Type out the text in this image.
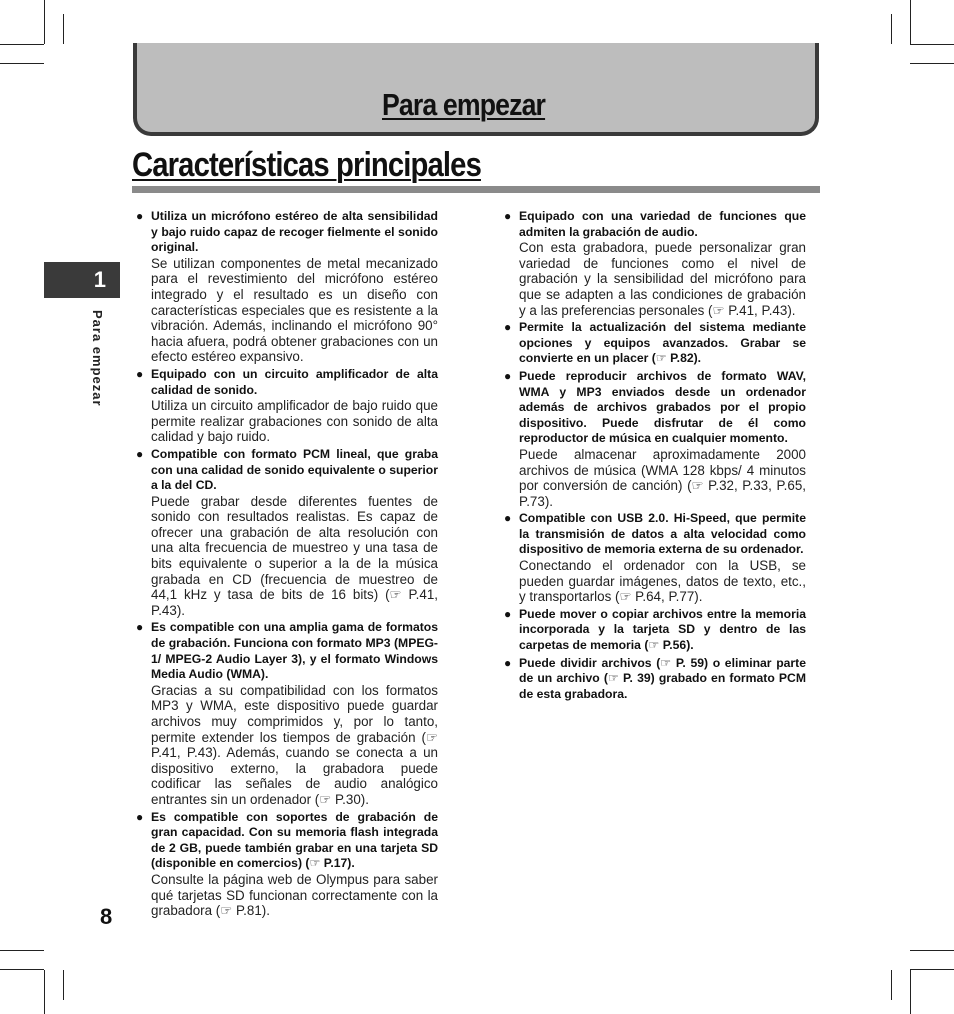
Para empezar
Características principales
1
Para empezar
8
● Utiliza un micrófono estéreo de alta sensibilidad y bajo ruido capaz de recoger fielmente el sonido original.

Se utilizan componentes de metal mecanizado para el revestimiento del micrófono estéreo integrado y el resultado es un diseño con características especiales que es resistente a la vibración. Además, inclinando el micrófono 90° hacia afuera, podrá obtener grabaciones con un efecto estéreo expansivo.

● Equipado con un circuito amplificador de alta calidad de sonido.

Utiliza un circuito amplificador de bajo ruido que permite realizar grabaciones con sonido de alta calidad y bajo ruido.

● Compatible con formato PCM lineal, que graba con una calidad de sonido equivalente o superior a la del CD.

Puede grabar desde diferentes fuentes de sonido con resultados realistas. Es capaz de ofrecer una grabación de alta resolución con una alta frecuencia de muestreo y una tasa de bits equivalente o superior a la de la música grabada en CD (frecuencia de muestreo de 44,1 kHz y tasa de bits de 16 bits) (☞ P.41, P.43).

● Es compatible con una amplia gama de formatos de grabación. Funciona con formato MP3 (MPEG-1/ MPEG-2 Audio Layer 3), y el formato Windows Media Audio (WMA).

Gracias a su compatibilidad con los formatos MP3 y WMA, este dispositivo puede guardar archivos muy comprimidos y, por lo tanto, permite extender los tiempos de grabación (☞ P.41, P.43). Además, cuando se conecta a un dispositivo externo, la grabadora puede codificar las señales de audio analógico entrantes sin un ordenador (☞ P.30).

● Es compatible con soportes de grabación de gran capacidad. Con su memoria flash integrada de 2 GB, puede también grabar en una tarjeta SD (disponible en comercios) (☞ P.17).

Consulte la página web de Olympus para saber qué tarjetas SD funcionan correctamente con la grabadora (☞ P.81).

● Equipado con una variedad de funciones que admiten la grabación de audio.

Con esta grabadora, puede personalizar gran variedad de funciones como el nivel de grabación y la sensibilidad del micrófono para que se adapten a las condiciones de grabación y a las preferencias personales (☞ P.41, P.43).

● Permite la actualización del sistema mediante opciones y equipos avanzados. Grabar se convierte en un placer (☞ P.82).

● Puede reproducir archivos de formato WAV, WMA y MP3 enviados desde un ordenador además de archivos grabados por el propio dispositivo. Puede disfrutar de él como reproductor de música en cualquier momento.

Puede almacenar aproximadamente 2000 archivos de música (WMA 128 kbps/ 4 minutos por conversión de canción) (☞ P.32, P.33, P.65, P.73).

● Compatible con USB 2.0. Hi-Speed, que permite la transmisión de datos a alta velocidad como dispositivo de memoria externa de su ordenador.

Conectando el ordenador con la USB, se pueden guardar imágenes, datos de texto, etc., y transportarlos (☞ P.64, P.77).

● Puede mover o copiar archivos entre la memoria incorporada y la tarjeta SD y dentro de las carpetas de memoria (☞ P.56).

● Puede dividir archivos (☞ P. 59) o eliminar parte de un archivo (☞ P. 39) grabado en formato PCM de esta grabadora.
